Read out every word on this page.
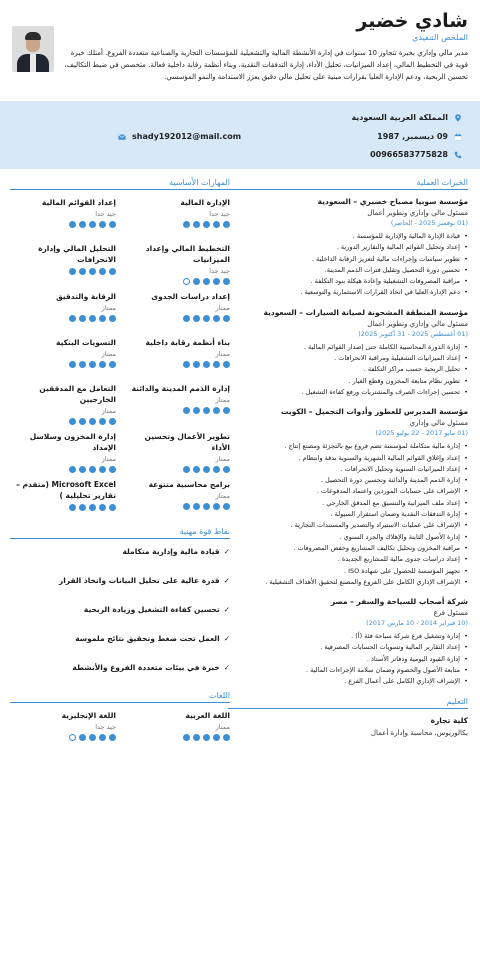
شادي خضير
الملخص التنفيذي
مدير مالي وإداري بخبرة تتجاوز 10 سنوات في إدارة الأنشطة المالية والتشغيلية للمؤسسات التجارية والصناعية متعددة الفروع. أمتلك خبرة قوية في التخطيط المالي، إعداد الميزانيات، تحليل الأداء، إدارة التدفقات النقدية، وبناء أنظمة رقابة داخلية فعالة. متخصص في ضبط التكاليف، تحسين الربحية، ودعم الإدارة العليا بقرارات مبنية على تحليل مالي دقيق يعزز الاستدامة والنمو المؤسسي.
المملكة العربية السعودية
09 ديسمبر, 1987
00966583775828
shady192012@mail.com
الخبرات العملية
مؤسسة سوبيا مصباح خضيري – السعودية
مسئول مالي وإداري وتطوير أعمال
(01 نوفمبر 2025 - الحاضر)
• قيادة الإدارة المالية والإدارية للمؤسسة .
• إعداد وتحليل القوائم المالية والتقارير الدورية .
• تطوير سياسات وإجراءات مالية لتعزيز الرقابة الداخلية .
• تحسين دورة التحصيل وتقليل فترات الذمم المدينة.
• مراقبة المصروفات التشغيلية وإعادة هيكلة بنود التكلفة .
• دعم الإدارة العليا في اتخاذ القرارات الاستثمارية والتوسعية .
مؤسسة المنطقة المشحونة لصيانة السيارات – السعودية
مسئول مالي وإداري وتطوير أعمال
(01 أغسطس 2025 - 31 أكتوبر 2025)
• إدارة الدورة المحاسبية الكاملة حتى إصدار القوائم المالية .
• إعداد الميزانيات التشغيلية ومراقبة الانحرافات .
• تحليل الربحية حسب مراكز التكلفة .
• تطوير نظام متابعة المخزون وقطع الغيار .
• تحسين إجراءات الصرف والمشتريات ورفع كفاءة التشغيل .
مؤسسة المديرس للعطور وأدوات التجميل – الكويت
مسئول مالي وإداري
(01 مايو 2017 - 22 يوليو 2025)
• إدارة مالية متكاملة لمؤسسة تضم فروع بيع بالتجزئة ومصنع إنتاج .
• إعداد وإغلاق القوائم المالية الشهرية والسنوية بدقة وانتظام .
• إعداد الميزانيات السنوية وتحليل الانحرافات .
• إدارة الذمم المدينة والدائنة وتحسين دورة التحصيل .
• الإشراف على حسابات الموردين واعتماد المدفوعات .
• إعداد ملف الميزانية والتنسيق مع المدقق الخارجي .
• إدارة التدفقات النقدية وضمان استقرار السيولة .
• الإشراف على عمليات الاستيراد والتصدير والمستندات التجارية .
• إدارة الأصول الثابتة والإهلاك والجرد السنوي .
• مراقبة المخزون وتحليل تكاليف المشاريع وخفض المصروفات .
• إعداد دراسات جدوى مالية للمشاريع الجديدة .
• تجهيز المؤسسة للحصول على شهادة ISO .
• الإشراف الإداري الكامل على الفروع والمصنع لتحقيق الأهداف التشغيلية .
شركة أصحاب للسياحة والسفر – مصر
مسئول فرع
(10 فبراير 2014 - 10 مارس 2017)
• إدارة وتشغيل فرع شركة سياحة فئة (أ) .
• إعداد التقارير المالية وتسويات الحسابات المصرفية .
• إدارة القيود اليومية ودفاتر الأستاذ .
• متابعة الأصول والخصوم وضمان سلامة الإجراءات المالية .
• الإشراف الإداري الكامل على أعمال الفرع .
التعليم
كلية تجارة
بكالوريوس، محاسبة وإدارة أعمال
المهارات الأساسية
الإدارة المالية
جيد جدا
إعداد القوائم المالية
جيد جدا
التخطيط المالي وإعداد الميزانيات
جيد جدا
التحليل المالي وإدارة الانحرافات
إعداد دراسات الجدوى
ممتاز
الرقابة والتدقيق
ممتاز
بناء أنظمة رقابة داخلية
ممتاز
التسويات البنكية
ممتاز
إدارة الذمم المدينة والدائنة
ممتاز
التعامل مع المدققين الخارجيين
ممتاز
تطوير الأعمال وتحسين الأداء
ممتاز
إدارة المخزون وسلاسل الإمداد
ممتاز
برامج محاسبية متنوعة
ممتاز
Microsoft Excel (متقدم – تقارير تحليلية )
نقاط قوة مهنية
✓قيادة مالية وإدارية متكاملة
✓قدرة عالية على تحليل البيانات واتخاذ القرار
✓تحسين كفاءة التشغيل وزيادة الربحية
✓العمل تحت ضغط وتحقيق نتائج ملموسة
✓خبرة في بيئات متعددة الفروع والأنشطة
اللغات
اللغة العربية
ممتاز
اللغة الإنجليزية
جيد جدا
